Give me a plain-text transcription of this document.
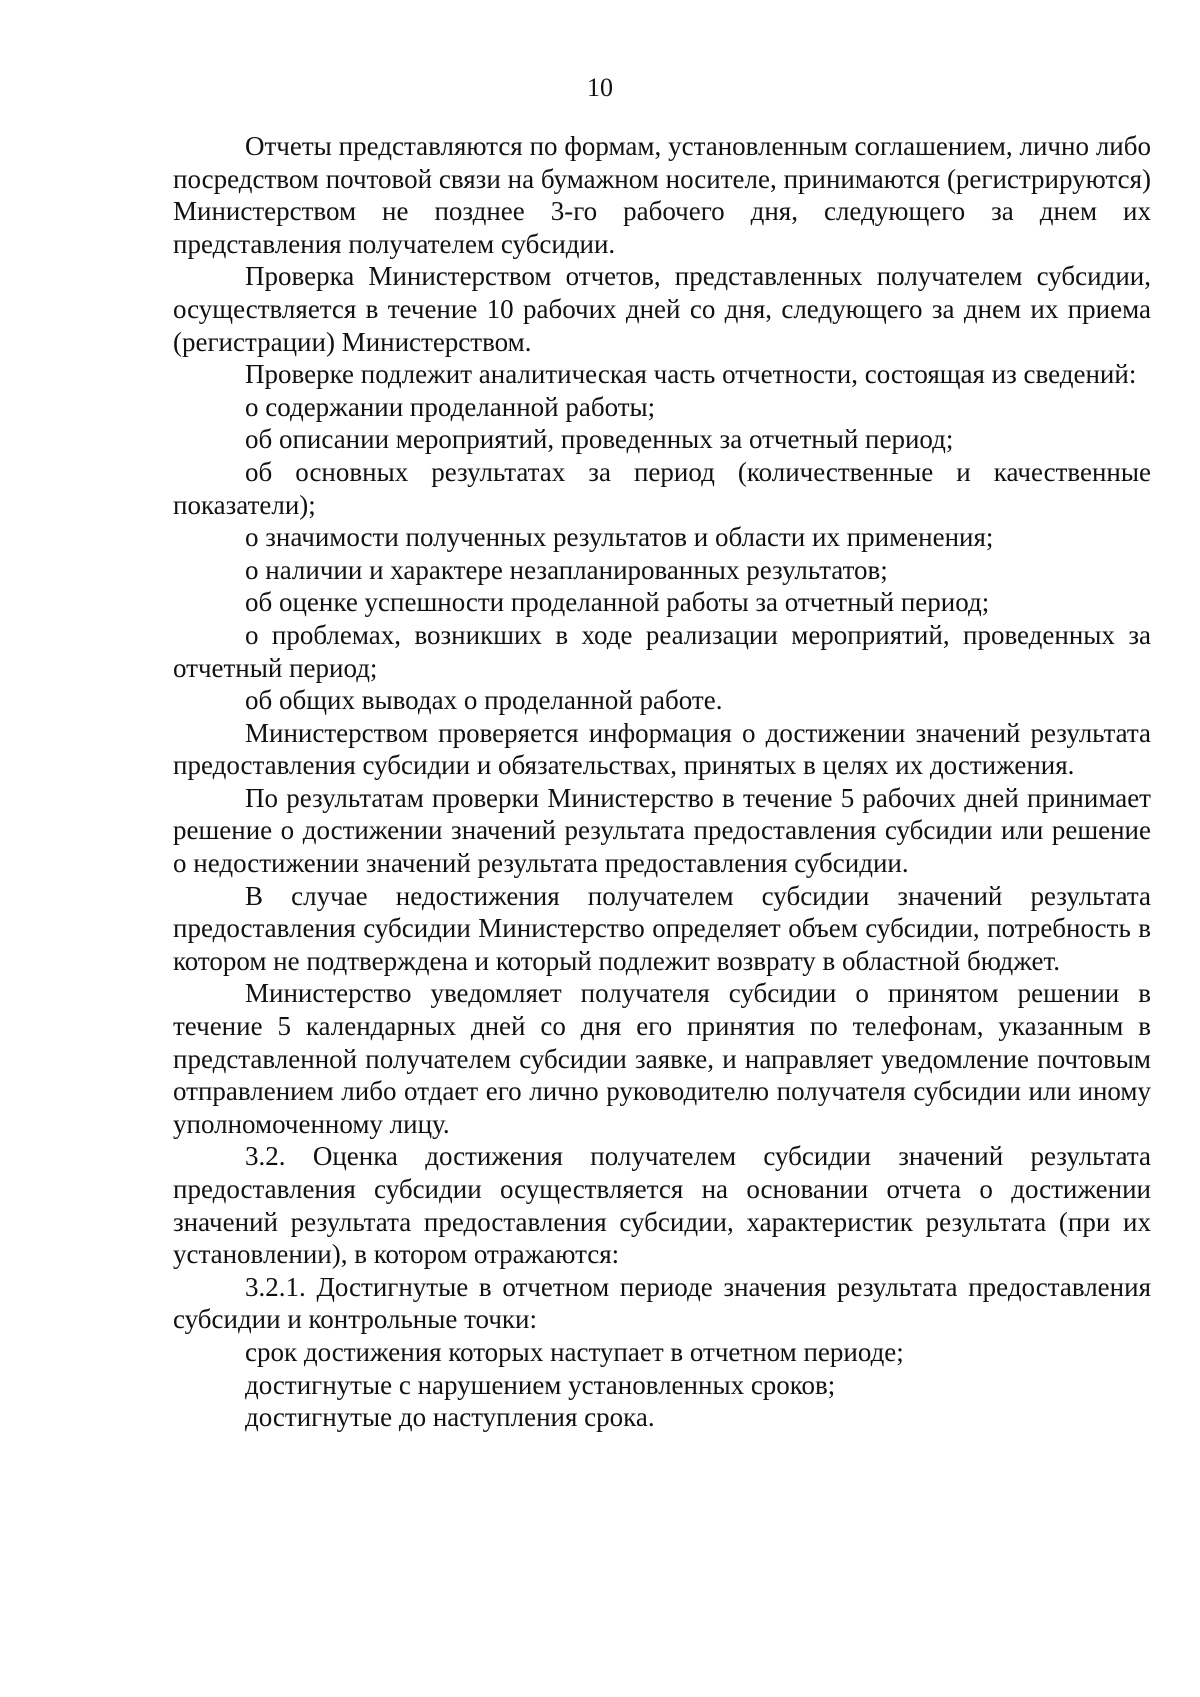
10

Отчеты представляются по формам, установленным соглашением, лично либо посредством почтовой связи на бумажном носителе, принимаются (регистрируются) Министерством не позднее 3-го рабочего дня, следующего за днем их представления получателем субсидии.

Проверка Министерством отчетов, представленных получателем субсидии, осуществляется в течение 10 рабочих дней со дня, следующего за днем их приема (регистрации) Министерством.

Проверке подлежит аналитическая часть отчетности, состоящая из сведений:

о содержании проделанной работы;

об описании мероприятий, проведенных за отчетный период;

об основных результатах за период (количественные и качественные показатели);

о значимости полученных результатов и области их применения;

о наличии и характере незапланированных результатов;

об оценке успешности проделанной работы за отчетный период;

о проблемах, возникших в ходе реализации мероприятий, проведенных за отчетный период;

об общих выводах о проделанной работе.

Министерством проверяется информация о достижении значений результата предоставления субсидии и обязательствах, принятых в целях их достижения.

По результатам проверки Министерство в течение 5 рабочих дней принимает решение о достижении значений результата предоставления субсидии или решение о недостижении значений результата предоставления субсидии.

В случае недостижения получателем субсидии значений результата предоставления субсидии Министерство определяет объем субсидии, потребность в котором не подтверждена и который подлежит возврату в областной бюджет.

Министерство уведомляет получателя субсидии о принятом решении в течение 5 календарных дней со дня его принятия по телефонам, указанным в представленной получателем субсидии заявке, и направляет уведомление почтовым отправлением либо отдает его лично руководителю получателя субсидии или иному уполномоченному лицу.

3.2. Оценка достижения получателем субсидии значений результата предоставления субсидии осуществляется на основании отчета о достижении значений результата предоставления субсидии, характеристик результата (при их установлении), в котором отражаются:

3.2.1. Достигнутые в отчетном периоде значения результата предоставления субсидии и контрольные точки:

срок достижения которых наступает в отчетном периоде;

достигнутые с нарушением установленных сроков;

достигнутые до наступления срока.
